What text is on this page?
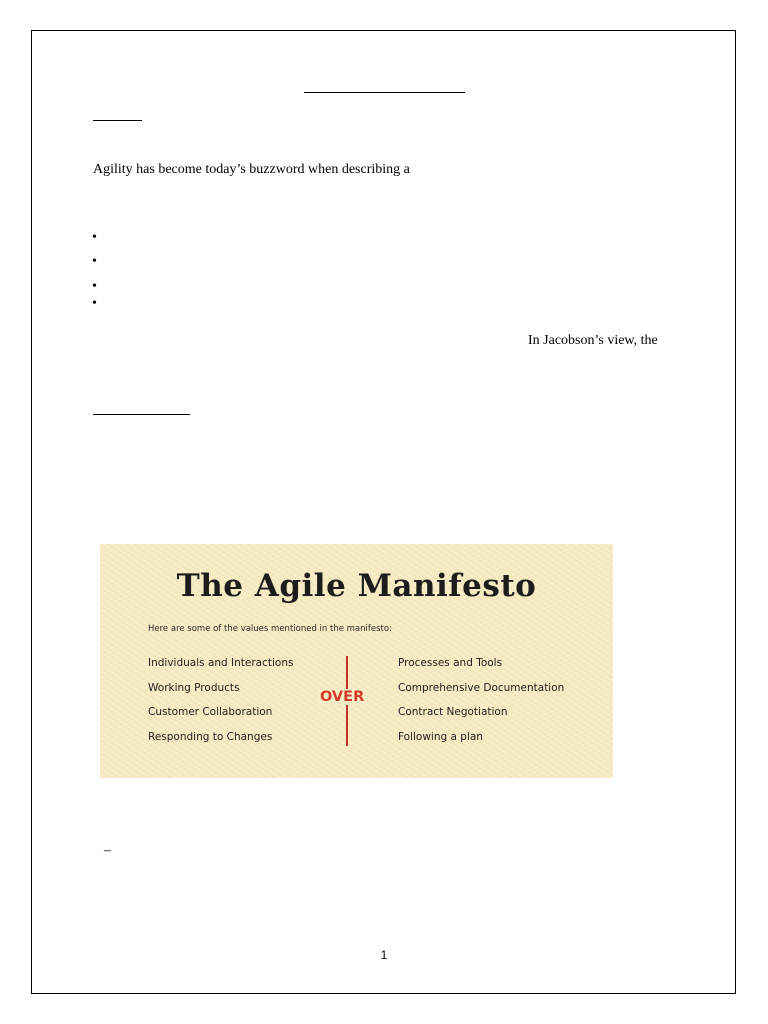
Agility has become today’s buzzword when describing a
•
•
•
•
In Jacobson’s view, the
The Agile Manifesto
Here are some of the values mentioned in the manifesto:
Individuals and Interactions
Working Products
Customer Collaboration
Responding to Changes
OVER
Processes and Tools
Comprehensive Documentation
Contract Negotiation
Following a plan
–
1
